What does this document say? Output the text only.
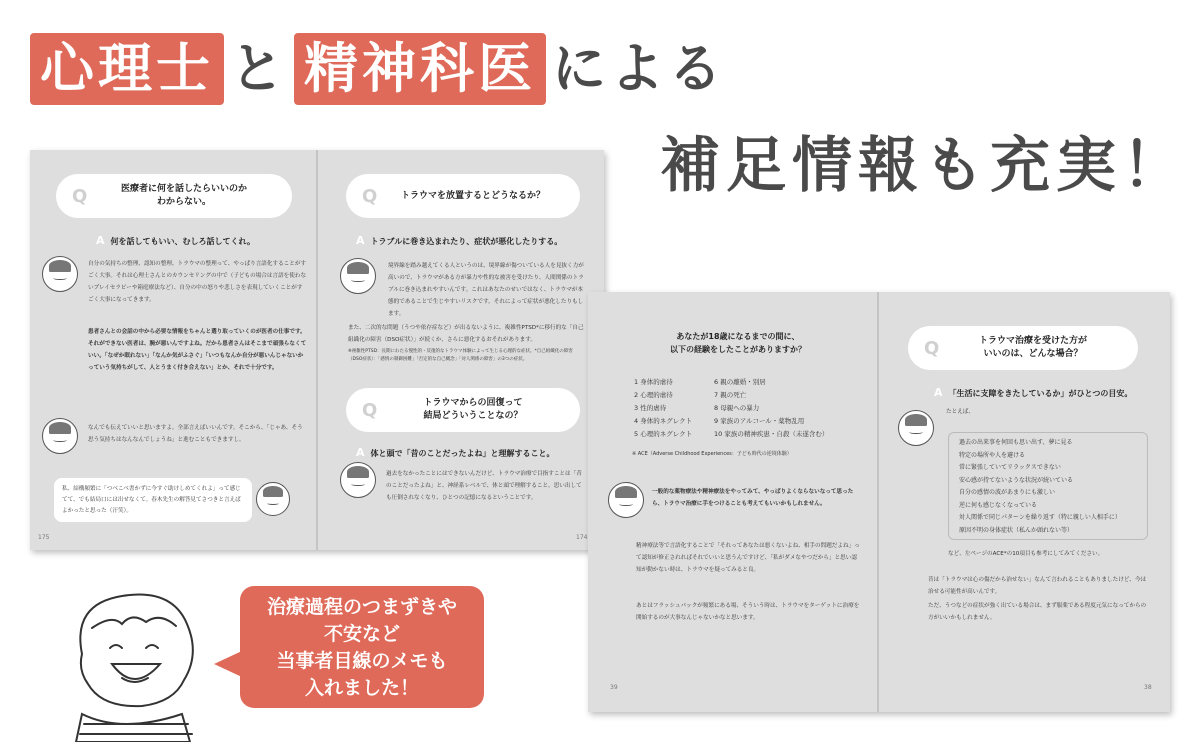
心理士 と 精神科医 による
補足情報も充実！
Q	医療者に何を話したらいいのか
わからない。
A 何を話してもいい、むしろ話してくれ。
自分の気持ちの整理、認知の整理、トラウマの整理って、やっぱり言語化することがすごく大事。それは心理士さんとのカウンセリングの中で（子どもの場合は言語を使わないプレイセラピーや箱庭療法など）、自分の中の怒りや悲しさを表現していくことがすごく大事になってきます。
患者さんとの会話の中から必要な情報をちゃんと選り取っていくのが医者の仕事です。それができない医者は、腕が悪いんですよね。だから患者さんはそこまで頑張らなくていい。「なぜか眠れない」「なんか気がふさぐ」「いつもなんか自分が悪いんじゃないかっていう気持ちがして、人とうまく付き合えない」とか、それで十分です。
なんでも伝えていいと思いますよ。全部言えばいいんです。そこから、「じゃあ、そう思う気持ちはなんなんでしょうね」と進むこともできますし。
私、結構頻繁に「つべこべ書かずに今すぐ助けしめてくれよ」って感じてて、でも結局口には出せなくて。春木先生の解答見てさつきと言えばよかったと思った（汗笑）。
175
Q	トラウマを放置するとどうなるか？
A トラブルに巻き込まれたり、症状が悪化したりする。
境界線を踏み越えてくる人というのは、境界線が傷ついている人を見抜く力が高いので、トラウマがある方が暴力や性的な被害を受けたり、人間関係のトラブルに巻き込まれやすいんです。これはあなたのせいではなく、トラウマが本態的であることで生じやすいリスクです。それによって症状が悪化したりもします。
また、二次的な問題（うつや依存症など）が出るないように、複雑性PTSD*に移行的な「自己組織化の障害（DSO症状）」が続くか、さらに悪化するおそれがあります。
※複雑性PTSD：長期にわたる慢性的・反復的なトラウマ体験によって生じる心理的な症状。*自己組織化の障害（DSO症状）：「感情の制御困難」「否定的な自己概念」「対人関係の障害」の3つの症状。
Q	トラウマからの回復って
結局どういうことなの？
A 体と頭で「昔のことだったよね」と理解すること。
過去をなかったことにはできないんだけど、トラウマ治療で目指すことは「昔のことだったよね」と、神経系レベルで、体と頭で理解すること。思い出しても圧倒されなくなり、ひとつの記憶になるということです。
174
あなたが18歳になるまでの間に、
以下の経験をしたことがありますか？
1 身体的虐待
2 心理的虐待
3 性的虐待
4 身体的ネグレクト
5 心理的ネグレクト
6 親の離婚・別居
7 親の死亡
8 母親への暴力
9 家族のアルコール・薬物乱用
10 家族の精神疾患・自殺（未遂含む）
※ ACE（Adverse Childhood Experiences：子ども時代の逆境体験）
一般的な薬物療法や精神療法をやってみて、やっぱりよくならないなって思ったら、トラウマ治療に手をつけることも考えてもいいかもしれません。
精神療法等で言語化することで「それってあなたは悪くないよね、相手の問題だよね」って認知が修正されればそれでいいと思うんですけど、「私がダメなやつだから」と思い認知が動かない時は、トラウマを疑ってみると良。
あとはフラッシュバックが頻繁にある場、そういう時は、トラウマをターゲットに治療を開始するのが大事なんじゃないかなと思います。
39
Q	トラウマ治療を受けた方が
いいのは、どんな場合？
A 「生活に支障をきたしているか」がひとつの目安。
たとえば、
過去の出来事を何回も思い出す、夢に見る
特定の場所や人を避ける
常に緊張していてリラックスできない
安心感が持てないような状況が続いている
自分の感情の波があまりにも激しい
逆に何も感じなくなっている
対人関係で同じパターンを繰り返す（特に親しい人相手に）
原因不明の身体症状（私んか頭れない等）
など、左ページのACE*の10項目も参考にしてみてください。
昔は「トラウマは心の傷だから治せない」なんて言われることもありましたけど、今は治せる可能性が高いんです。
ただ、うつなどの症状が強く出ている場合は、まず服薬である程度元気になってからの方がいいかもしれません。
38
治療過程のつまずきや
不安など
当事者目線のメモも
入れました！
